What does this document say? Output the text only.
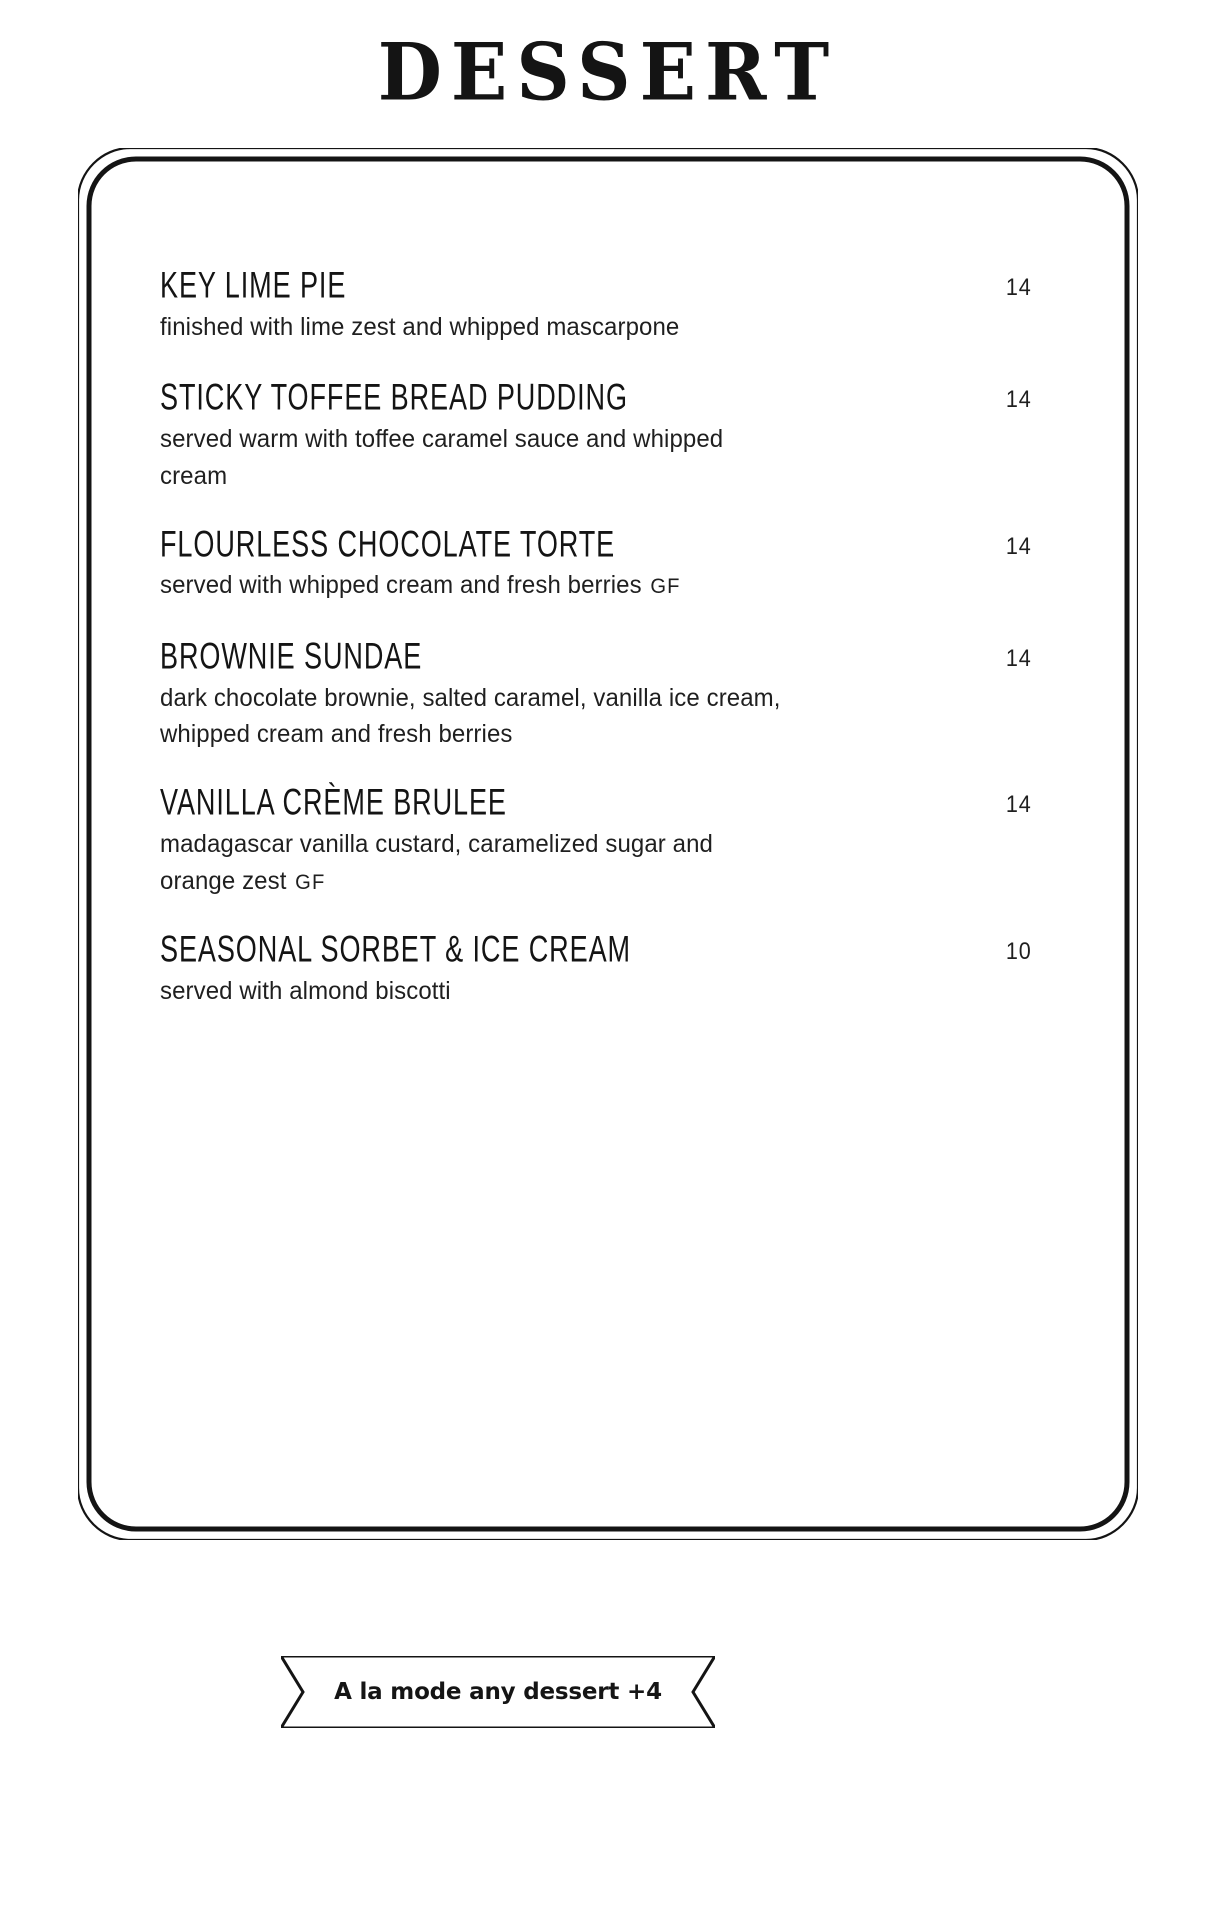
DESSERT
KEY LIME PIE	14
finished with lime zest and whipped mascarpone
STICKY TOFFEE BREAD PUDDING	14
served warm with toffee caramel sauce and whipped cream
FLOURLESS CHOCOLATE TORTE	14
served with whipped cream and fresh berries GF
BROWNIE SUNDAE	14
dark chocolate brownie, salted caramel, vanilla ice cream, whipped cream and fresh berries
VANILLA CRÈME BRULEE	14
madagascar vanilla custard, caramelized sugar and orange zest GF
SEASONAL SORBET & ICE CREAM	10
served with almond biscotti
A la mode any dessert +4
